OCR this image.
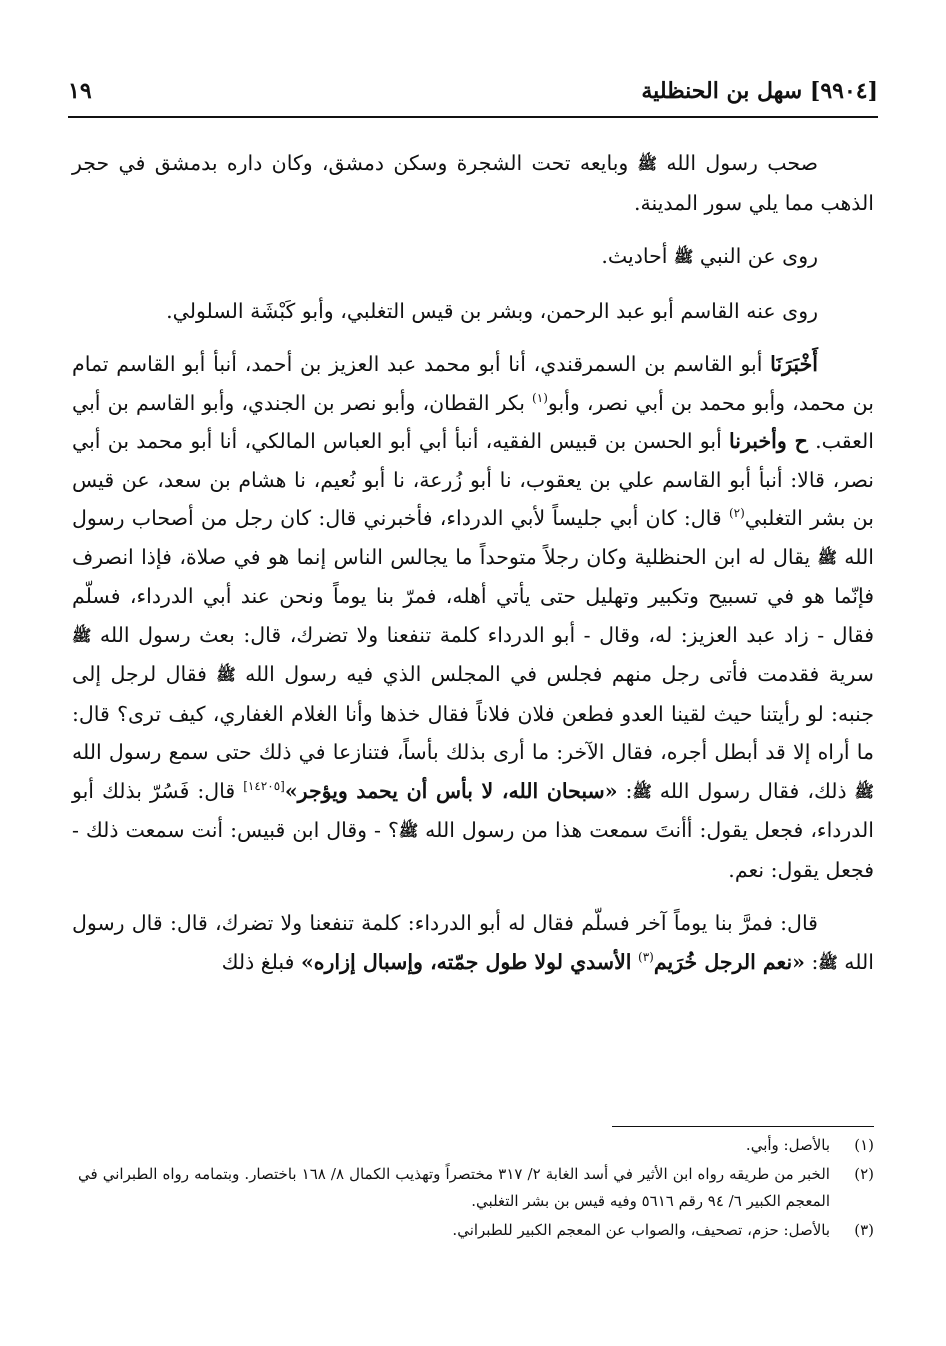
[٩٩٠٤] سهل بن الحنظلية
١٩

صحب رسول الله ﷺ وبايعه تحت الشجرة وسكن دمشق، وكان داره بدمشق في حجر الذهب مما يلي سور المدينة.

روى عن النبي ﷺ أحاديث.

روى عنه القاسم أبو عبد الرحمن، وبشر بن قيس التغلبي، وأبو كَبْشَة السلولي.

أَخْبَرَنَا أبو القاسم بن السمرقندي، أنا أبو محمد عبد العزيز بن أحمد، أنبأ أبو القاسم تمام بن محمد، وأبو محمد بن أبي نصر، وأبو$^{(١)}$ بكر القطان، وأبو نصر بن الجندي، وأبو القاسم بن أبي العقب. ح وأخبرنا أبو الحسن بن قبيس الفقيه، أنبأ أبي أبو العباس المالكي، أنا أبو محمد بن أبي نصر، قالا: أنبأ أبو القاسم علي بن يعقوب، نا أبو زُرعة، نا أبو نُعيم، نا هشام بن سعد، عن قيس بن بشر التغلبي$^{(٢)}$ قال: كان أبي جليساً لأبي الدرداء، فأخبرني قال: كان رجل من أصحاب رسول الله ﷺ يقال له ابن الحنظلية وكان رجلاً متوحداً ما يجالس الناس إنما هو في صلاة، فإذا انصرف فإنّما هو في تسبيح وتكبير وتهليل حتى يأتي أهله، فمرّ بنا يوماً ونحن عند أبي الدرداء، فسلّم فقال - زاد عبد العزيز: له، وقال - أبو الدرداء كلمة تنفعنا ولا تضرك، قال: بعث رسول الله ﷺ سرية فقدمت فأتى رجل منهم فجلس في المجلس الذي فيه رسول الله ﷺ فقال لرجل إلى جنبه: لو رأيتنا حيث لقينا العدو فطعن فلان فلاناً فقال خذها وأنا الغلام الغفاري، كيف ترى؟ قال: ما أراه إلا قد أبطل أجره، فقال الآخر: ما أرى بذلك بأساً، فتنازعا في ذلك حتى سمع رسول الله ﷺ ذلك، فقال رسول الله ﷺ: «سبحان الله، لا بأس أن يحمد ويؤجر»[١٤٢٠٥] قال: فَسُرّ بذلك أبو الدرداء، فجعل يقول: أأنتَ سمعت هذا من رسول الله ﷺ؟ - وقال ابن قبيس: أنت سمعت ذلك - فجعل يقول: نعم.

قال: فمرَّ بنا يوماً آخر فسلّم فقال له أبو الدرداء: كلمة تنفعنا ولا تضرك، قال: قال رسول الله ﷺ: «نعم الرجل خُرَيم$^{(٣)}$ الأسدي لولا طول جمّته، وإسبال إزاره» فبلغ ذلك

(١)
بالأصل: وأبي.

(٢)
الخبر من طريقه رواه ابن الأثير في أسد الغابة ٢/ ٣١٧ مختصراً وتهذيب الكمال ٨/ ١٦٨ باختصار. وبتمامه رواه الطبراني في المعجم الكبير ٦/ ٩٤ رقم ٥٦١٦ وفيه قيس بن بشر التغلبي.

(٣)
بالأصل: حزم، تصحيف، والصواب عن المعجم الكبير للطبراني.
